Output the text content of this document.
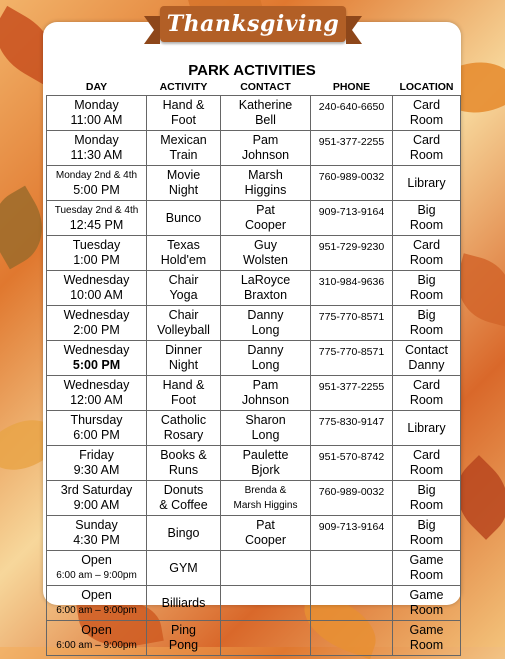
Thanksgiving
PARK ACTIVITIES
DAY	ACTIVITY	CONTACT	PHONE	LOCATION

Monday
11:00 AM	Hand &
Foot	Katherine
Bell	240-640-6650	Card
Room

Monday
11:30 AM	Mexican
Train	Pam
Johnson	951-377-2255	Card
Room

Monday 2nd & 4th
5:00 PM	Movie
Night	Marsh
Higgins	760-989-0032	Library

Tuesday 2nd & 4th
12:45 PM	Bunco	Pat
Cooper	909-713-9164	Big
Room

Tuesday
1:00 PM	Texas
Hold'em	Guy
Wolsten	951-729-9230	Card
Room

Wednesday
10:00 AM	Chair
Yoga	LaRoyce
Braxton	310-984-9636	Big
Room

Wednesday
2:00 PM	Chair
Volleyball	Danny
Long	775-770-8571	Big
Room

Wednesday
5:00 PM	Dinner
Night	Danny
Long	775-770-8571	Contact
Danny

Wednesday
12:00 AM	Hand &
Foot	Pam
Johnson	951-377-2255	Card
Room

Thursday
6:00 PM	Catholic
Rosary	Sharon
Long	775-830-9147	Library

Friday
9:30 AM	Books &
Runs	Paulette
Bjork	951-570-8742	Card
Room

3rd Saturday
9:00 AM	Donuts
& Coffee	Brenda &
Marsh Higgins	760-989-0032	Big
Room

Sunday
4:30 PM	Bingo	Pat
Cooper	909-713-9164	Big
Room

Open
6:00 am – 9:00pm	GYM			Game
Room

Open
6:00 am – 9:00pm	Billiards			Game
Room

Open
6:00 am – 9:00pm	Ping
Pong			Game
Room
